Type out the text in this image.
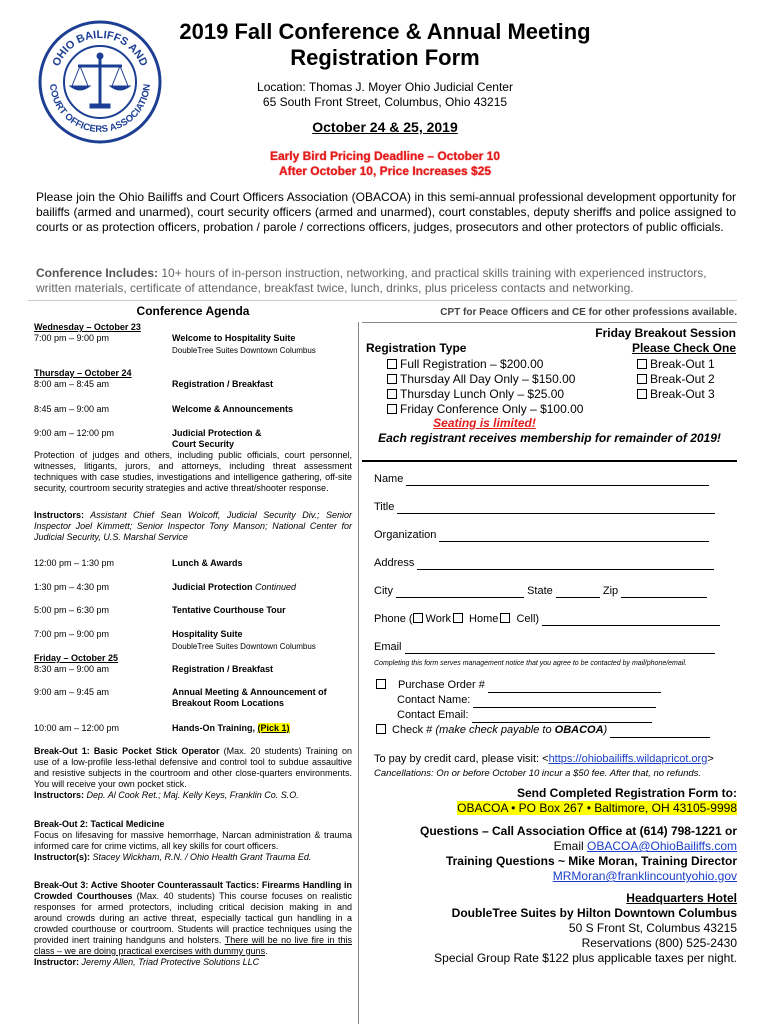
OHIO BAILIFFS AND
COURT OFFICERS ASSOCIATION
2019 Fall Conference & Annual Meeting
Registration Form
Location: Thomas J. Moyer Ohio Judicial Center
65 South Front Street, Columbus, Ohio 43215
October 24 & 25, 2019
Early Bird Pricing Deadline – October 10
After October 10, Price Increases $25
Please join the Ohio Bailiffs and Court Officers Association (OBACOA) in this semi-annual professional development opportunity for bailiffs (armed and unarmed), court security officers (armed and unarmed), court constables, deputy sheriffs and police assigned to courts or as protection officers, probation / parole / corrections officers, judges, prosecutors and other protectors of public officials.
Conference Includes: 10+ hours of in-person instruction, networking, and practical skills training with experienced instructors, written materials, certificate of attendance, breakfast twice, lunch, drinks, plus priceless contacts and networking.
Conference Agenda
Wednesday – October 23
7:00 pm – 9:00 pm	Welcome to Hospitality Suite
DoubleTree Suites Downtown Columbus
Thursday – October 24
8:00 am – 8:45 am	Registration / Breakfast
8:45 am – 9:00 am	Welcome & Announcements
9:00 am – 12:00 pm	Judicial Protection &
Court Security
Protection of judges and others, including public officials, court personnel, witnesses, litigants, jurors, and attorneys, including threat assessment techniques with case studies, investigations and intelligence gathering, off-site security, courtroom security strategies and active threat/shooter response.
Instructors: Assistant Chief Sean Wolcoff, Judicial Security Div.; Senior Inspector Joel Kimmett; Senior Inspector Tony Manson; National Center for Judicial Security, U.S. Marshal Service
12:00 pm – 1:30 pm	Lunch & Awards
1:30 pm – 4:30 pm	Judicial Protection Continued
5:00 pm – 6:30 pm	Tentative Courthouse Tour
7:00 pm – 9:00 pm	Hospitality Suite
DoubleTree Suites Downtown Columbus
Friday – October 25
8:30 am – 9:00 am	Registration / Breakfast
9:00 am – 9:45 am	Annual Meeting & Announcement of
Breakout Room Locations
10:00 am – 12:00 pm	Hands-On Training, (Pick 1)
Break-Out 1: Basic Pocket Stick Operator (Max. 20 students) Training on use of a low-profile less-lethal defensive and control tool to subdue assaultive and resistive subjects in the courtroom and other close-quarters environments. You will receive your own pocket stick.
Instructors: Dep. Al Cook Ret.; Maj. Kelly Keys, Franklin Co. S.O.
Break-Out 2: Tactical Medicine
Focus on lifesaving for massive hemorrhage, Narcan administration & trauma informed care for crime victims, all key skills for court officers.
Instructor(s): Stacey Wickham, R.N. / Ohio Health Grant Trauma Ed.
Break-Out 3: Active Shooter Counterassault Tactics: Firearms Handling in Crowded Courthouses (Max. 40 students) This course focuses on realistic responses for armed protectors, including critical decision making in and around crowds during an active threat, especially tactical gun handling in a crowded courthouse or courtroom. Students will practice techniques using the provided inert training handguns and holsters. There will be no live fire in this class – we are doing practical exercises with dummy guns.
Instructor: Jeremy Allen, Triad Protective Solutions LLC
CPT for Peace Officers and CE for other professions available.
Friday Breakout Session
Please Check One
Registration Type
Full Registration – $200.00
Thursday All Day Only – $150.00
Thursday Lunch Only – $25.00
Friday Conference Only – $100.00
Break-Out 1
Break-Out 2
Break-Out 3
Seating is limited!
Each registrant receives membership for remainder of 2019!
Name
Title
Organization
Address
City	State	Zip
Phone ( Work Home Cell)
Email
Completing this form serves management notice that you agree to be contacted by mail/phone/email.
Purchase Order #
Contact Name:
Contact Email:
Check # (make check payable to OBACOA)
To pay by credit card, please visit: <https://ohiobailiffs.wildapricot.org>
Cancellations: On or before October 10 incur a $50 fee. After that, no refunds.
Send Completed Registration Form to:
OBACOA • PO Box 267 • Baltimore, OH 43105-9998
Questions – Call Association Office at (614) 798-1221 or
Email OBACOA@OhioBailiffs.com
Training Questions ~ Mike Moran, Training Director
MRMoran@franklincountyohio.gov
Headquarters Hotel
DoubleTree Suites by Hilton Downtown Columbus
50 S Front St, Columbus 43215
Reservations (800) 525-2430
Special Group Rate $122 plus applicable taxes per night.
